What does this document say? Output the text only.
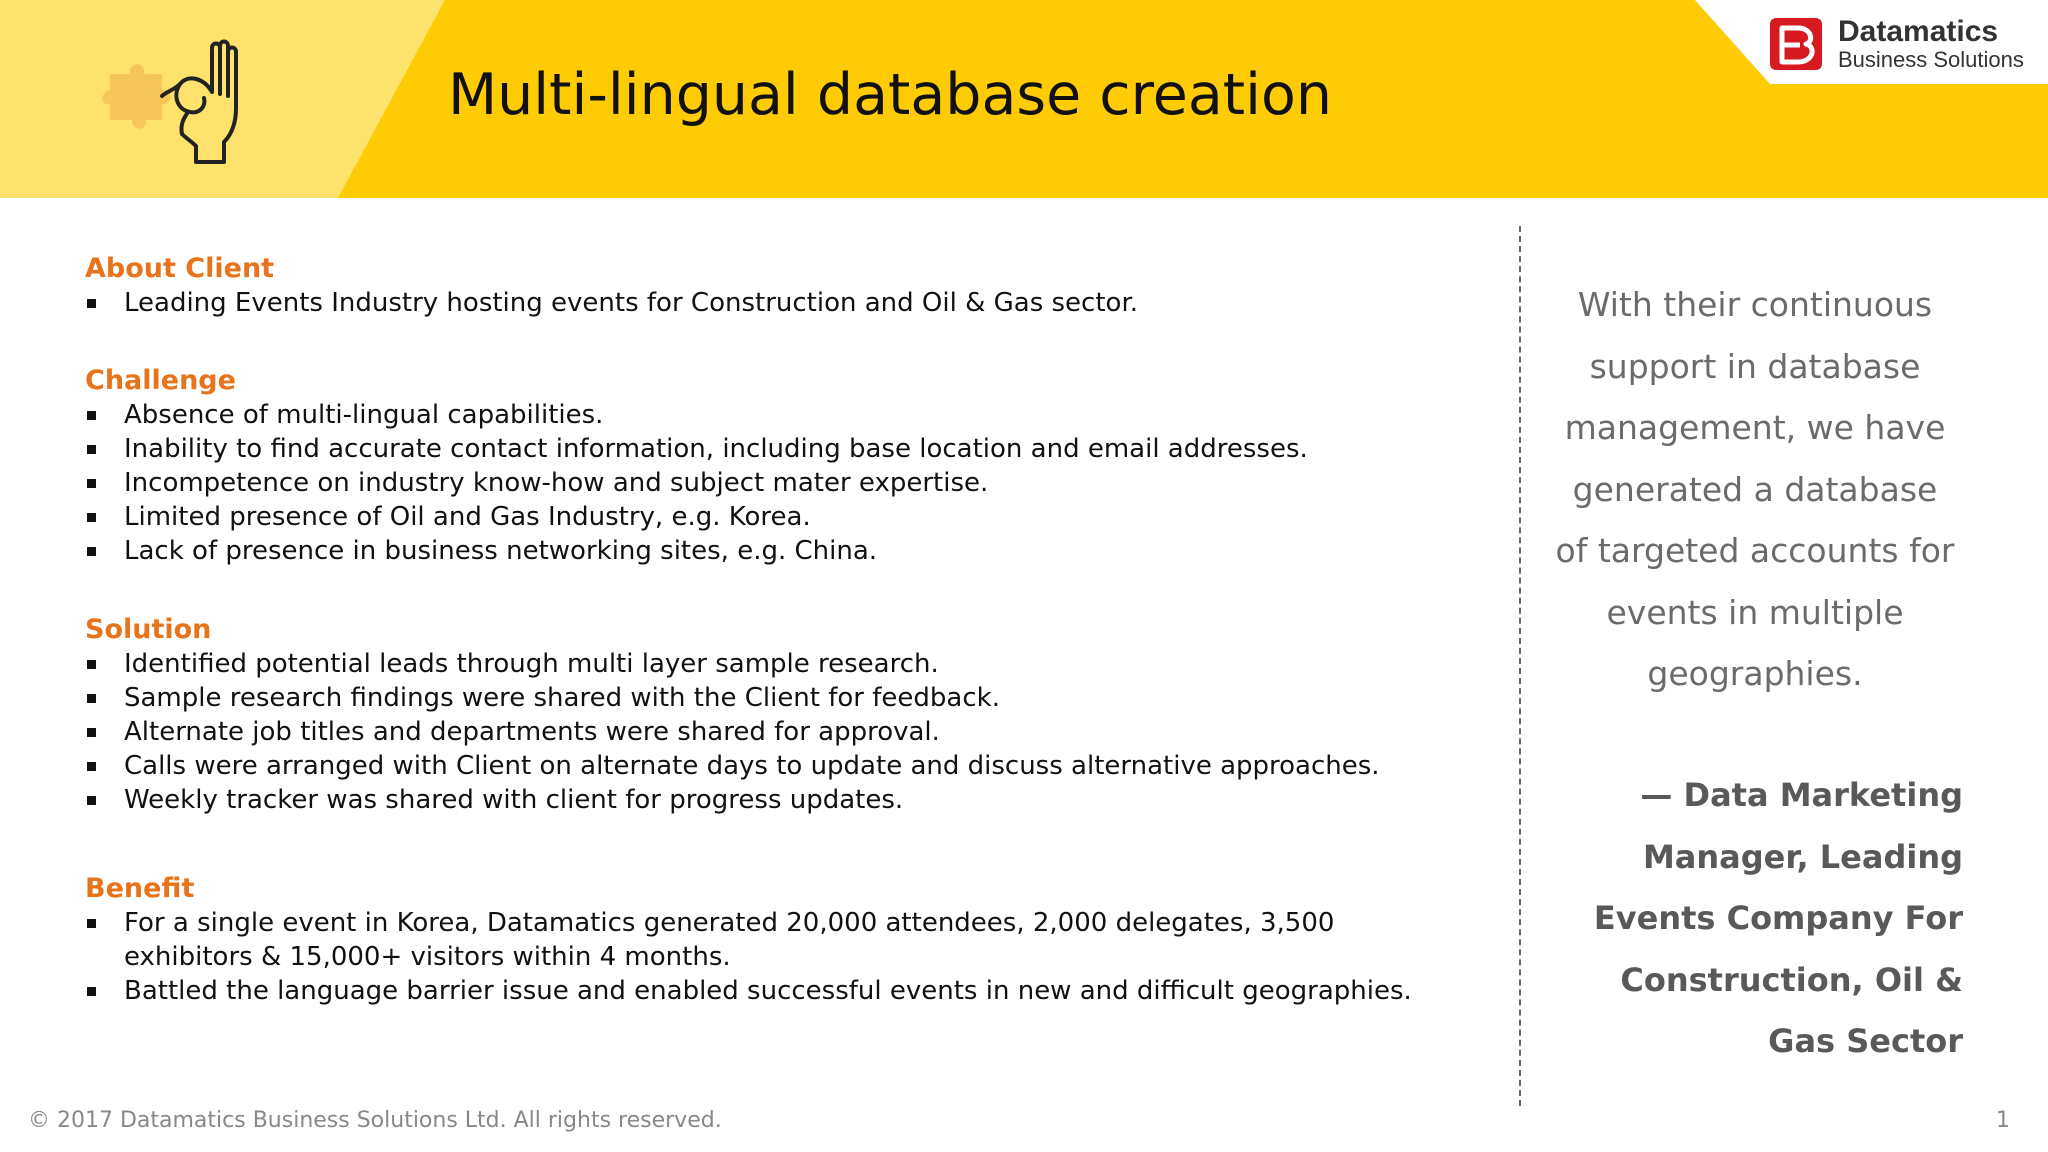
Multi-lingual database creation
Datamatics
Business Solutions
About Client
Leading Events Industry hosting events for Construction and Oil & Gas sector.
Challenge
Absence of multi-lingual capabilities.
Inability to find accurate contact information, including base location and email addresses.
Incompetence on industry know-how and subject mater expertise.
Limited presence of Oil and Gas Industry, e.g. Korea.
Lack of presence in business networking sites, e.g. China.
Solution
Identified potential leads through multi layer sample research.
Sample research findings were shared with the Client for feedback.
Alternate job titles and departments were shared for approval.
Calls were arranged with Client on alternate days to update and discuss alternative approaches.
Weekly tracker was shared with client for progress updates.
Benefit
For a single event in Korea, Datamatics generated 20,000 attendees, 2,000 delegates, 3,500 exhibitors & 15,000+ visitors within 4 months.
Battled the language barrier issue and enabled successful events in new and difficult geographies.

With their continuous support in database management, we have generated a database of targeted accounts for events in multiple geographies.

— Data Marketing Manager, Leading Events Company For Construction, Oil & Gas Sector

© 2017 Datamatics Business Solutions Ltd. All rights reserved.	1
